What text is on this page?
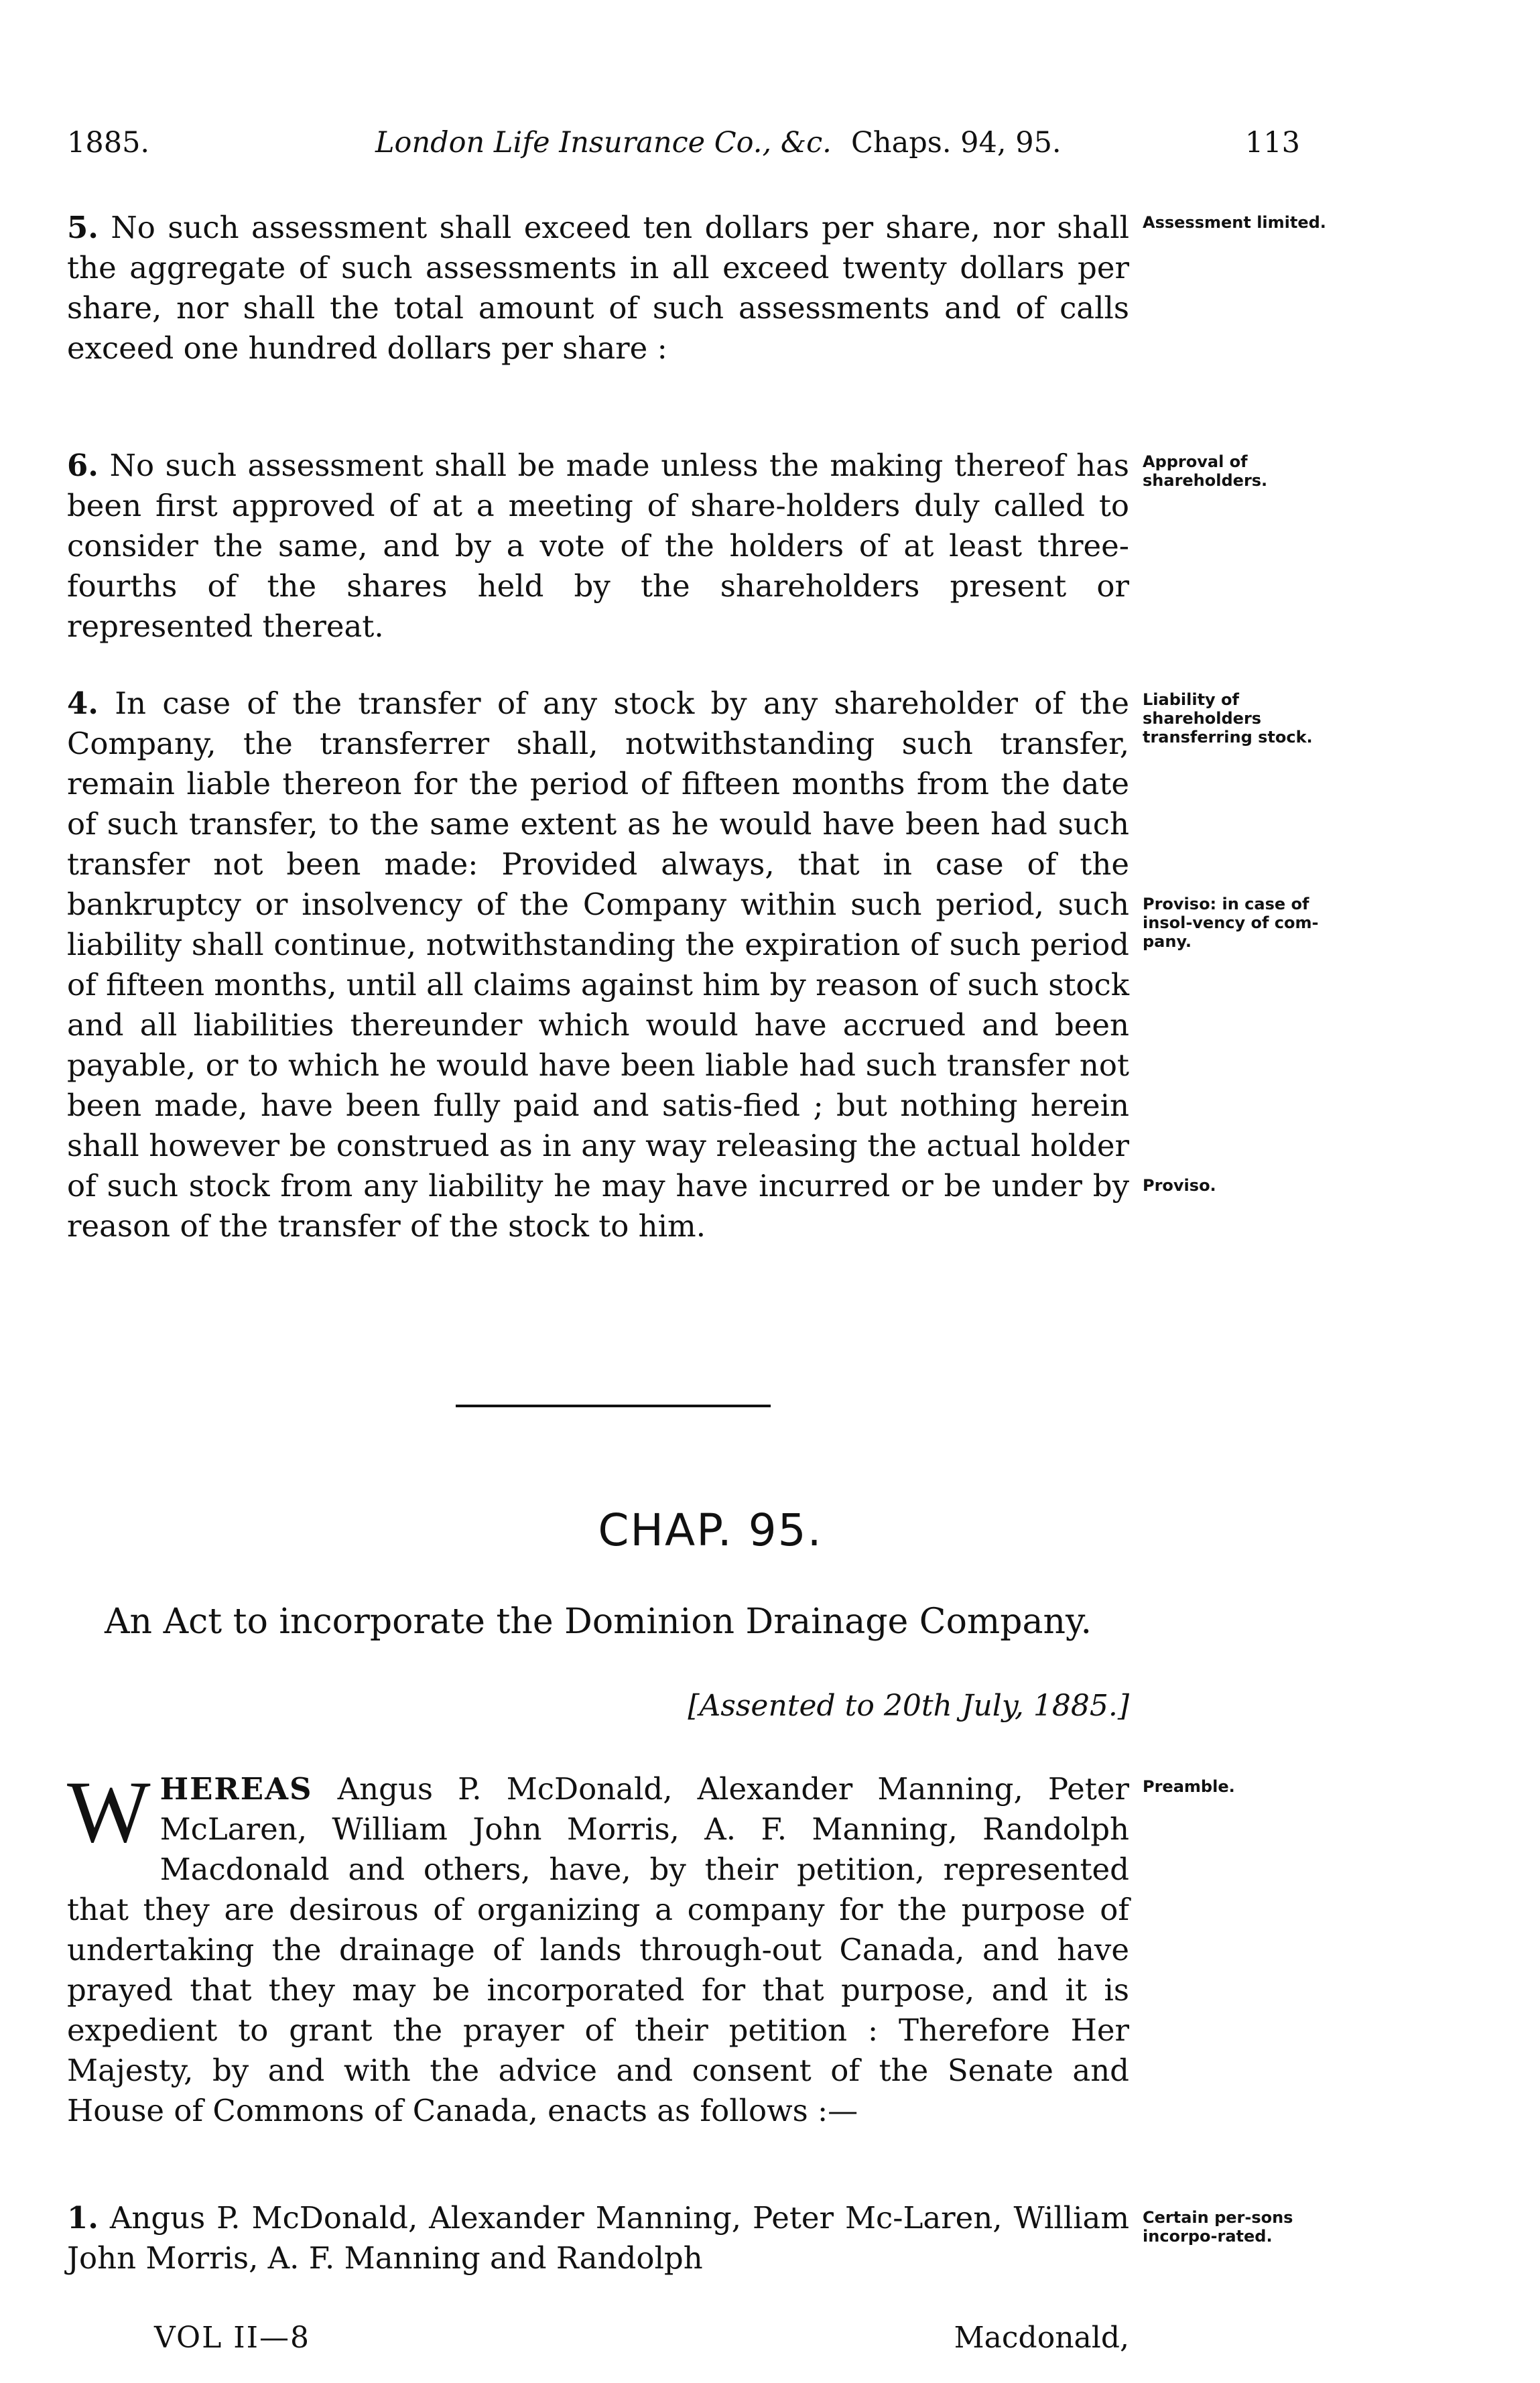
1885.	London Life Insurance Co., &c. Chaps. 94, 95.	113

5. No such assessment shall exceed ten dollars per share, nor shall the aggregate of such assessments in all exceed twenty dollars per share, nor shall the total amount of such assessments and of calls exceed one hundred dollars per share :

Assessment limited.

6. No such assessment shall be made unless the making thereof has been first approved of at a meeting of share-holders duly called to consider the same, and by a vote of the holders of at least three-fourths of the shares held by the shareholders present or represented thereat.

Approval of shareholders.

4. In case of the transfer of any stock by any shareholder of the Company, the transferrer shall, notwithstanding such transfer, remain liable thereon for the period of fifteen months from the date of such transfer, to the same extent as he would have been had such transfer not been made: Provided always, that in case of the bankruptcy or insolvency of the Company within such period, such liability shall continue, notwithstanding the expiration of such period of fifteen months, until all claims against him by reason of such stock and all liabilities thereunder which would have accrued and been payable, or to which he would have been liable had such transfer not been made, have been fully paid and satis-fied ; but nothing herein shall however be construed as in any way releasing the actual holder of such stock from any liability he may have incurred or be under by reason of the transfer of the stock to him.

Liability of shareholders transferring stock.
Proviso: in case of insol-vency of com-pany.
Proviso.
CHAP. 95.
An Act to incorporate the Dominion Drainage Company.
[Assented to 20th July, 1885.]
WHEREAS Angus P. McDonald, Alexander Manning, Peter McLaren, William John Morris, A. F. Manning, Randolph Macdonald and others, have, by their petition, represented that they are desirous of organizing a company for the purpose of undertaking the drainage of lands through-out Canada, and have prayed that they may be incorporated for that purpose, and it is expedient to grant the prayer of their petition : Therefore Her Majesty, by and with the advice and consent of the Senate and House of Commons of Canada, enacts as follows :—
Preamble.
1. Angus P. McDonald, Alexander Manning, Peter Mc-Laren, William John Morris, A. F. Manning and Randolph
Certain per-sons incorpo-rated.
VOL II—8	Macdonald,
